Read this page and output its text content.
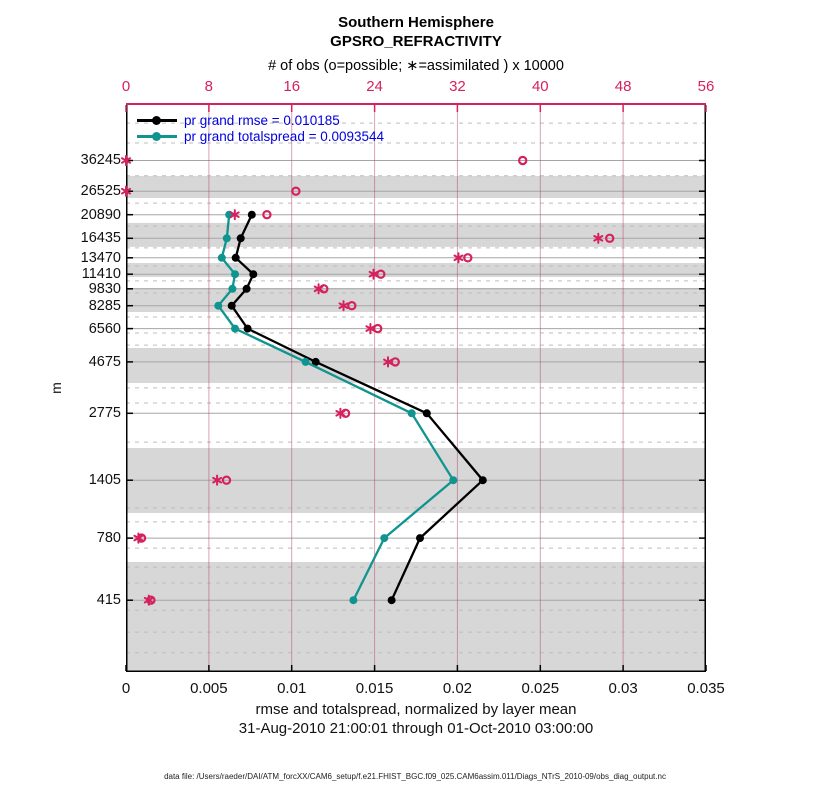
Southern Hemisphere
GPSRO_REFRACTIVITY
# of obs (o=possible; ∗=assimilated ) x 10000
0	8	16	24	32	40	48	56
36245
26525
20890
16435
13470
11410
9830
8285
6560
4675
2775
1405
780
415
0	0.005	0.01	0.015	0.02	0.025	0.03	0.035
m
pr grand rmse = 0.010185
pr grand totalspread = 0.0093544
rmse and totalspread, normalized by layer mean
31-Aug-2010 21:00:01 through 01-Oct-2010 03:00:00
data file: /Users/raeder/DAI/ATM_forcXX/CAM6_setup/f.e21.FHIST_BGC.f09_025.CAM6assim.011/Diags_NTrS_2010-09/obs_diag_output.nc
